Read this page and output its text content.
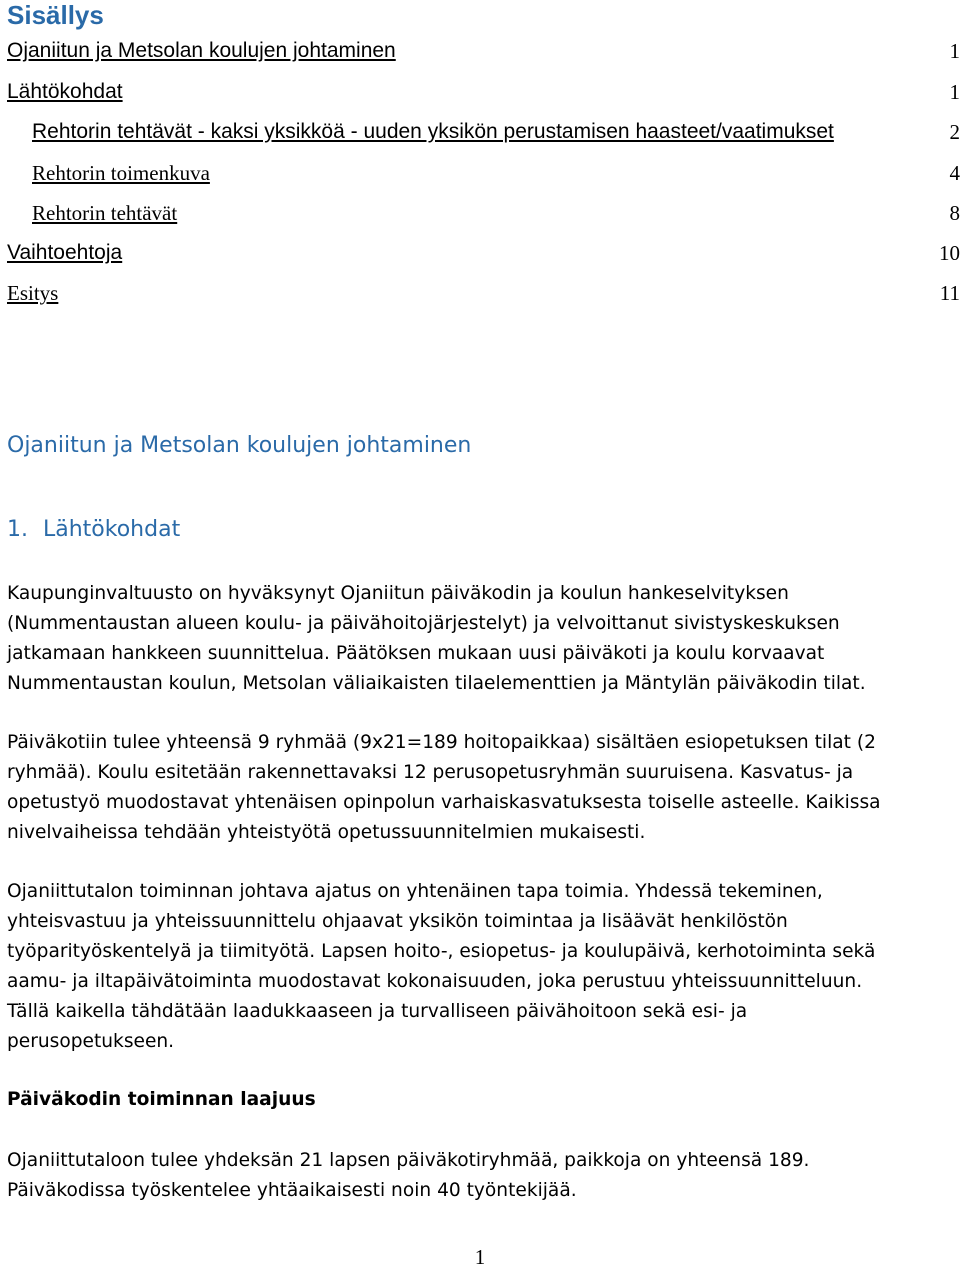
Sisällys
Ojaniitun ja Metsolan koulujen johtaminen	1
Lähtökohdat	1
Rehtorin tehtävät - kaksi yksikköä - uuden yksikön perustamisen haasteet/vaatimukset	2
Rehtorin toimenkuva	4
Rehtorin tehtävät	8
Vaihtoehtoja	10
Esitys	11
Ojaniitun ja Metsolan koulujen johtaminen
1. Lähtökohdat

Kaupunginvaltuusto on hyväksynyt Ojaniitun päiväkodin ja koulun hankeselvityksen
(Nummentaustan alueen koulu- ja päivähoitojärjestelyt) ja velvoittanut sivistyskeskuksen
jatkamaan hankkeen suunnittelua. Päätöksen mukaan uusi päiväkoti ja koulu korvaavat
Nummentaustan koulun, Metsolan väliaikaisten tilaelementtien ja Mäntylän päiväkodin tilat.

Päiväkotiin tulee yhteensä 9 ryhmää (9x21=189 hoitopaikkaa) sisältäen esiopetuksen tilat (2
ryhmää). Koulu esitetään rakennettavaksi 12 perusopetusryhmän suuruisena. Kasvatus- ja
opetustyö muodostavat yhtenäisen opinpolun varhaiskasvatuksesta toiselle asteelle. Kaikissa
nivelvaiheissa tehdään yhteistyötä opetussuunnitelmien mukaisesti.

Ojaniittutalon toiminnan johtava ajatus on yhtenäinen tapa toimia. Yhdessä tekeminen,
yhteisvastuu ja yhteissuunnittelu ohjaavat yksikön toimintaa ja lisäävät henkilöstön
työparityöskentelyä ja tiimityötä. Lapsen hoito-, esiopetus- ja koulupäivä, kerhotoiminta sekä
aamu- ja iltapäivätoiminta muodostavat kokonaisuuden, joka perustuu yhteissuunnitteluun.
Tällä kaikella tähdätään laadukkaaseen ja turvalliseen päivähoitoon sekä esi- ja
perusopetukseen.

Päiväkodin toiminnan laajuus

Ojaniittutaloon tulee yhdeksän 21 lapsen päiväkotiryhmää, paikkoja on yhteensä 189.
Päiväkodissa työskentelee yhtäaikaisesti noin 40 työntekijää.

1
